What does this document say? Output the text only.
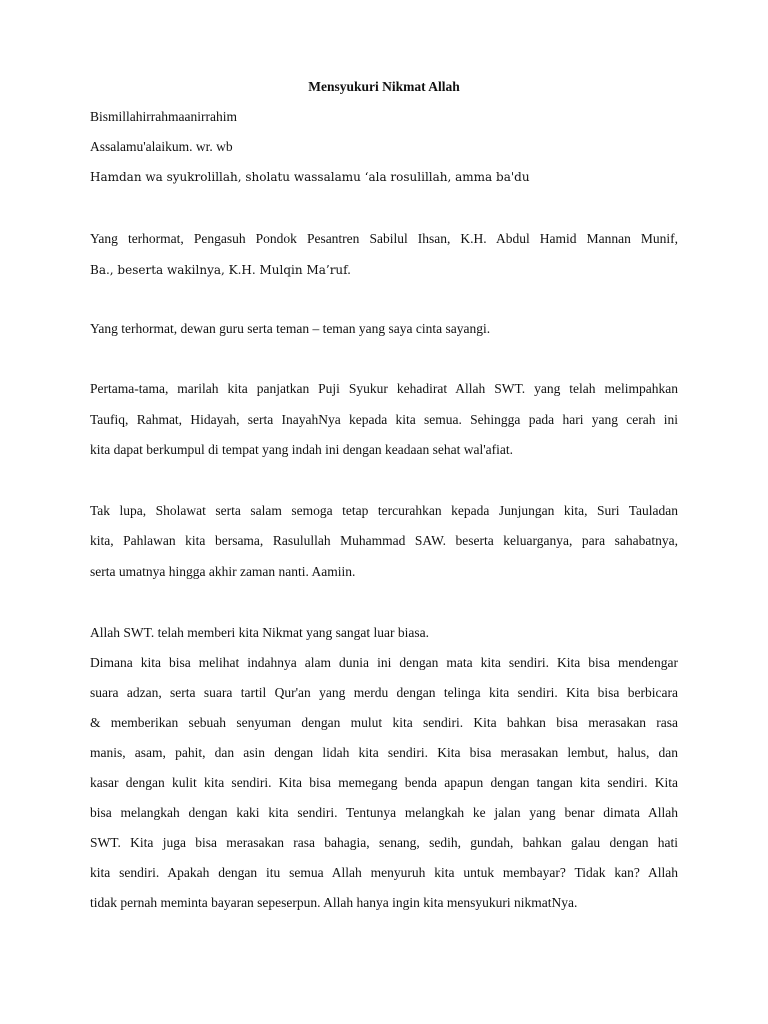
Mensyukuri Nikmat Allah
Bismillahirrahmaanirrahim
Assalamu'alaikum. wr. wb
Hamdan wa syukrolillah, sholatu wassalamu ‘ala rosulillah, amma ba'du
Yang terhormat, Pengasuh Pondok Pesantren Sabilul Ihsan, K.H. Abdul Hamid Mannan Munif,
Ba., beserta wakilnya, K.H. Mulqin Ma’ruf.
Yang terhormat, dewan guru serta teman – teman yang saya cinta sayangi.
Pertama-tama, marilah kita panjatkan Puji Syukur kehadirat Allah SWT. yang telah melimpahkan
Taufiq, Rahmat, Hidayah, serta InayahNya kepada kita semua. Sehingga pada hari yang cerah ini
kita dapat berkumpul di tempat yang indah ini dengan keadaan sehat wal'afiat.
Tak lupa, Sholawat serta salam semoga tetap tercurahkan kepada Junjungan kita, Suri Tauladan
kita, Pahlawan kita bersama, Rasulullah Muhammad SAW. beserta keluarganya, para sahabatnya,
serta umatnya hingga akhir zaman nanti. Aamiin.
Allah SWT. telah memberi kita Nikmat yang sangat luar biasa.
Dimana kita bisa melihat indahnya alam dunia ini dengan mata kita sendiri. Kita bisa mendengar
suara adzan, serta suara tartil Qur'an yang merdu dengan telinga kita sendiri. Kita bisa berbicara
& memberikan sebuah senyuman dengan mulut kita sendiri. Kita bahkan bisa merasakan rasa
manis, asam, pahit, dan asin dengan lidah kita sendiri. Kita bisa merasakan lembut, halus, dan
kasar dengan kulit kita sendiri. Kita bisa memegang benda apapun dengan tangan kita sendiri. Kita
bisa melangkah dengan kaki kita sendiri. Tentunya melangkah ke jalan yang benar dimata Allah
SWT. Kita juga bisa merasakan rasa bahagia, senang, sedih, gundah, bahkan galau dengan hati
kita sendiri. Apakah dengan itu semua Allah menyuruh kita untuk membayar? Tidak kan? Allah
tidak pernah meminta bayaran sepeserpun. Allah hanya ingin kita mensyukuri nikmatNya.
